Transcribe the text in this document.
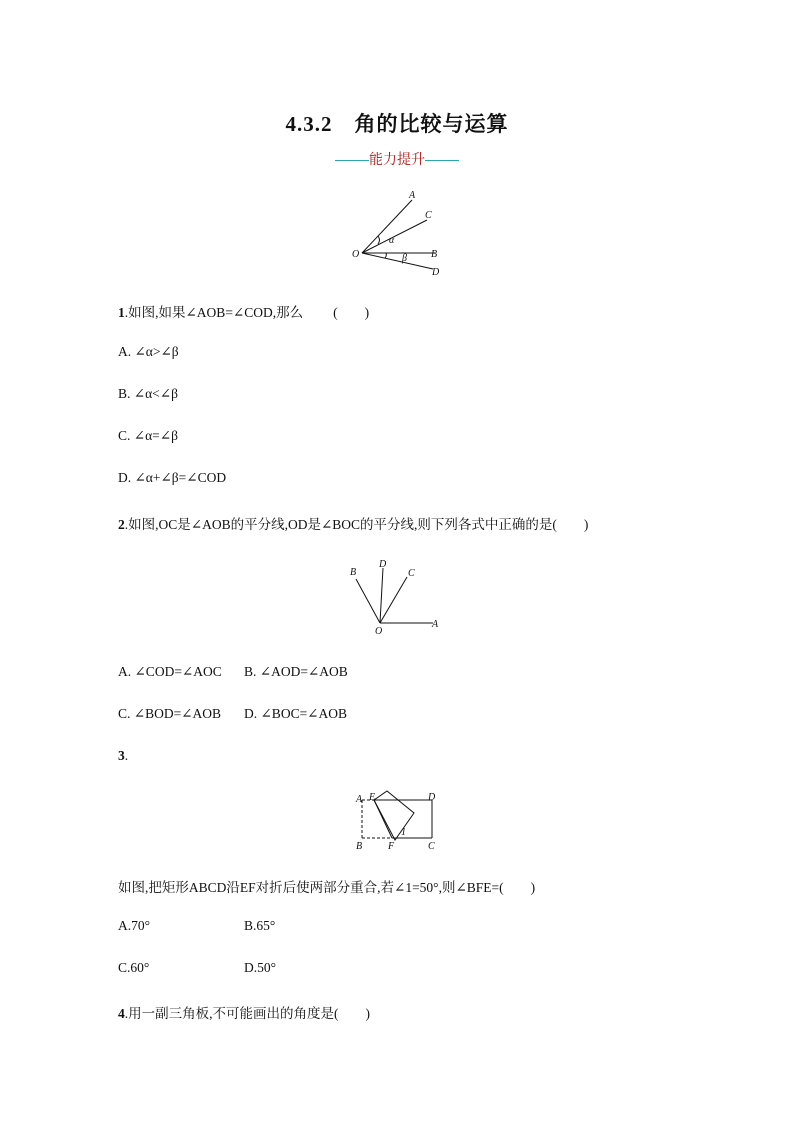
4.3.2　角的比较与运算
能力提升
A
C
O	B
D
α
β
1.如图,如果∠AOB=∠COD,那么 (　　)
A. ∠α>∠β
B. ∠α<∠β
C. ∠α=∠β
D. ∠α+∠β=∠COD
2.如图,OC是∠AOB的平分线,OD是∠BOC的平分线,则下列各式中正确的是(　　)
B
D
C
O
A
A. ∠COD=∠AOC B. ∠AOD=∠AOB
C. ∠BOD=∠AOB D. ∠BOC=∠AOB
3.
A E	D
1
B	F	C
如图,把矩形ABCD沿EF对折后使两部分重合,若∠1=50°,则∠BFE=(　　)
A.70°	B.65°
C.60°	D.50°
4.用一副三角板,不可能画出的角度是(　　)
